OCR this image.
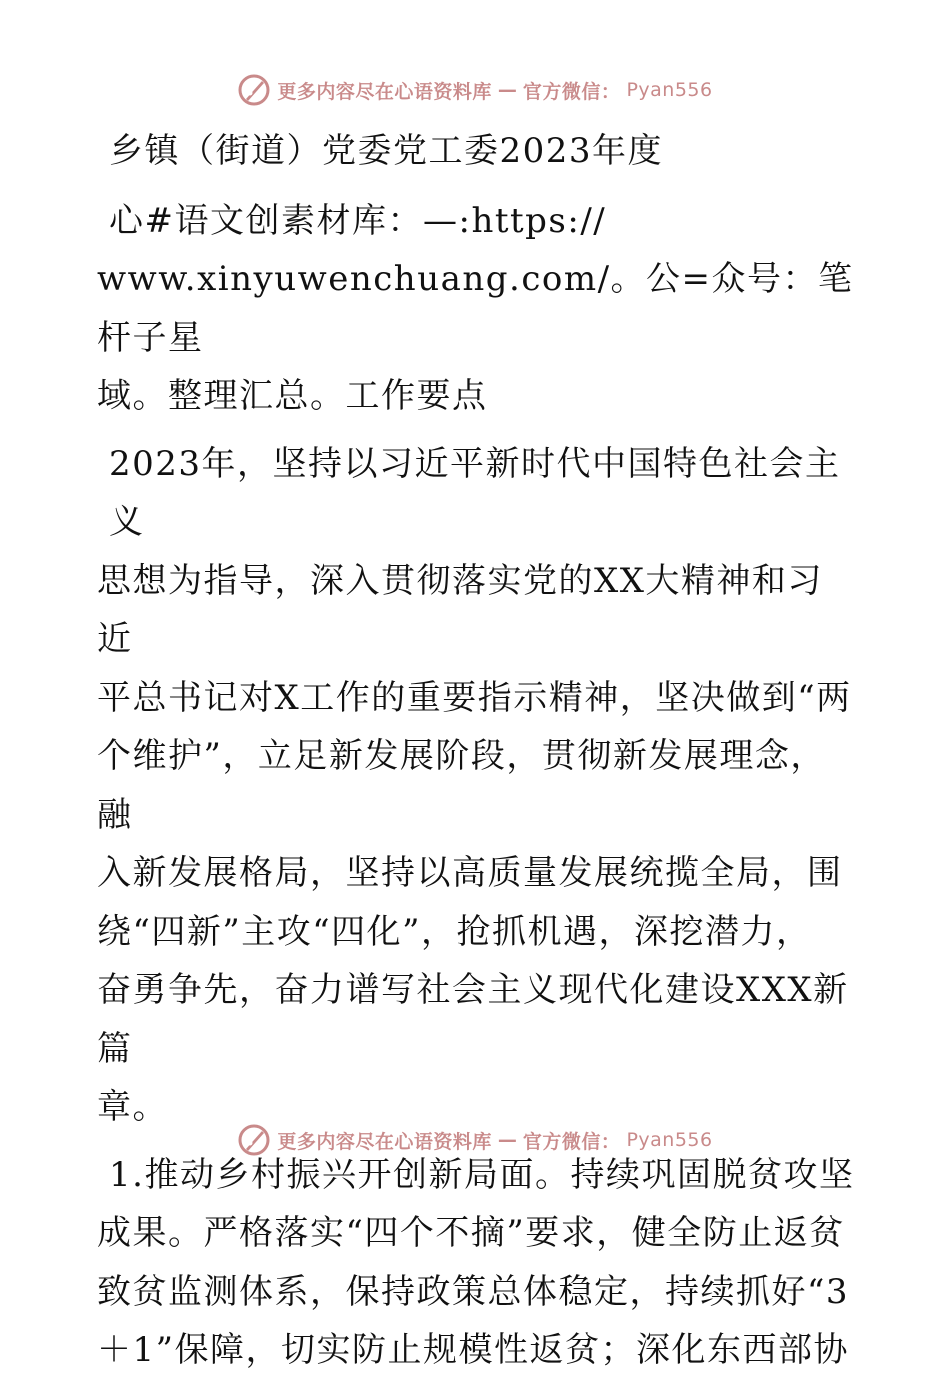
更多内容尽在心语资料库 — 官方微信： Pyan556
乡镇（街道）党委党工委2023年度
心#语文创素材库：—:https://
www.xinyuwenchuang.com/。公=众号：笔杆子星
域。整理汇总。工作要点
2023年，坚持以习近平新时代中国特色社会主义
思想为指导，深入贯彻落实党的XX大精神和习近
平总书记对X工作的重要指示精神，坚决做到“两
个维护”，立足新发展阶段，贯彻新发展理念，融
入新发展格局，坚持以高质量发展统揽全局，围
绕“四新”主攻“四化”，抢抓机遇，深挖潜力，
奋勇争先，奋力谱写社会主义现代化建设XXX新篇
章。
1.推动乡村振兴开创新局面。持续巩固脱贫攻坚
成果。严格落实“四个不摘”要求，健全防止返贫
致贫监测体系，保持政策总体稳定，持续抓好“3
＋1”保障，切实防止规模性返贫；深化东西部协
更多内容尽在心语资料库 — 官方微信： Pyan556
